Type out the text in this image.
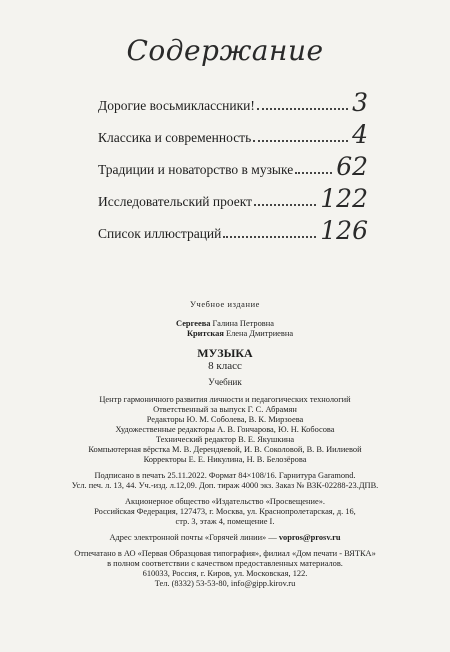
Содержание
Дорогие восьмиклассники!	3
Классика и современность	4
Традиции и новаторство в музыке 62
Исследовательский проект	122
Список иллюстраций	126
Учебное издание
Сергеева Галина Петровна
Критская Елена Дмитриевна
МУЗЫКА
8 класс
Учебник
Центр гармоничного развития личности и педагогических технологий
Ответственный за выпуск Г. С. Абрамян
Редакторы Ю. М. Соболева, В. К. Мирзоева
Художественные редакторы А. В. Гончарова, Ю. Н. Кобосова
Технический редактор В. Е. Якушкина
Компьютерная вёрстка М. В. Дерендяевой, И. В. Соколовой, В. В. Иилиевой
Корректоры Е. Е. Никулина, Н. В. Белозёрова
Подписано в печать 25.11.2022. Формат 84×108/16. Гарнитура Garamond.
Усл. печ. л. 13, 44. Уч.-изд. л.12,09. Доп. тираж 4000 экз. Заказ № ВЗК-02288-23.ДПВ.
Акционерное общество «Издательство «Просвещение».
Российская Федерация, 127473, г. Москва, ул. Краснопролетарская, д. 16,
стр. 3, этаж 4, помещение I.
Адрес электронной почты «Горячей линии» — vopros@prosv.ru
Отпечатано в АО «Первая Образцовая типография», филиал «Дом печати - ВЯТКА»
в полном соответствии с качеством предоставленных материалов.
610033, Россия, г. Киров, ул. Московская, 122.
Тел. (8332) 53-53-80, info@gipp.kirov.ru
